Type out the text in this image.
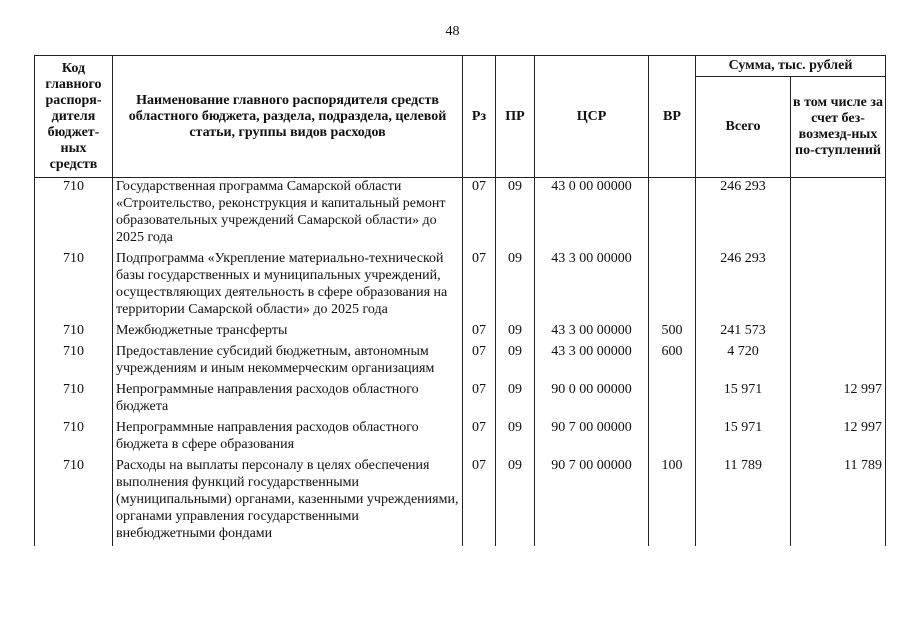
48
Код главного распоря-дителя бюджет-ных средств	Наименование главного распорядителя средств областного бюджета, раздела, подраздела, целевой статьи, группы видов расходов	Рз	ПР	ЦСР	ВР	Сумма, тыс. рублей	
						Всего	в том числе за счет без-возмезд-ных по-ступлений
710	Государственная программа Самарской области «Строительство, реконструкция и капитальный ремонт образовательных учреждений Самарской области» до 2025 года	07	09	43 0 00 00000		246 293	
710	Подпрограмма «Укрепление материально-технической базы государственных и муниципальных учреждений, осуществляющих деятельность в сфере образования на территории Самарской области» до 2025 года	07	09	43 3 00 00000		246 293	
710	Межбюджетные трансферты	07	09	43 3 00 00000	500	241 573	
710	Предоставление субсидий бюджетным, автономным учреждениям и иным некоммерческим организациям	07	09	43 3 00 00000	600	4 720	
710	Непрограммные направления расходов областного бюджета	07	09	90 0 00 00000		15 971	12 997
710	Непрограммные направления расходов областного бюджета в сфере образования	07	09	90 7 00 00000		15 971	12 997
710	Расходы на выплаты персоналу в целях обеспечения выполнения функций государственными (муниципальными) органами, казенными учреждениями, органами управления государственными внебюджетными фондами	07	09	90 7 00 00000	100	11 789	11 789
